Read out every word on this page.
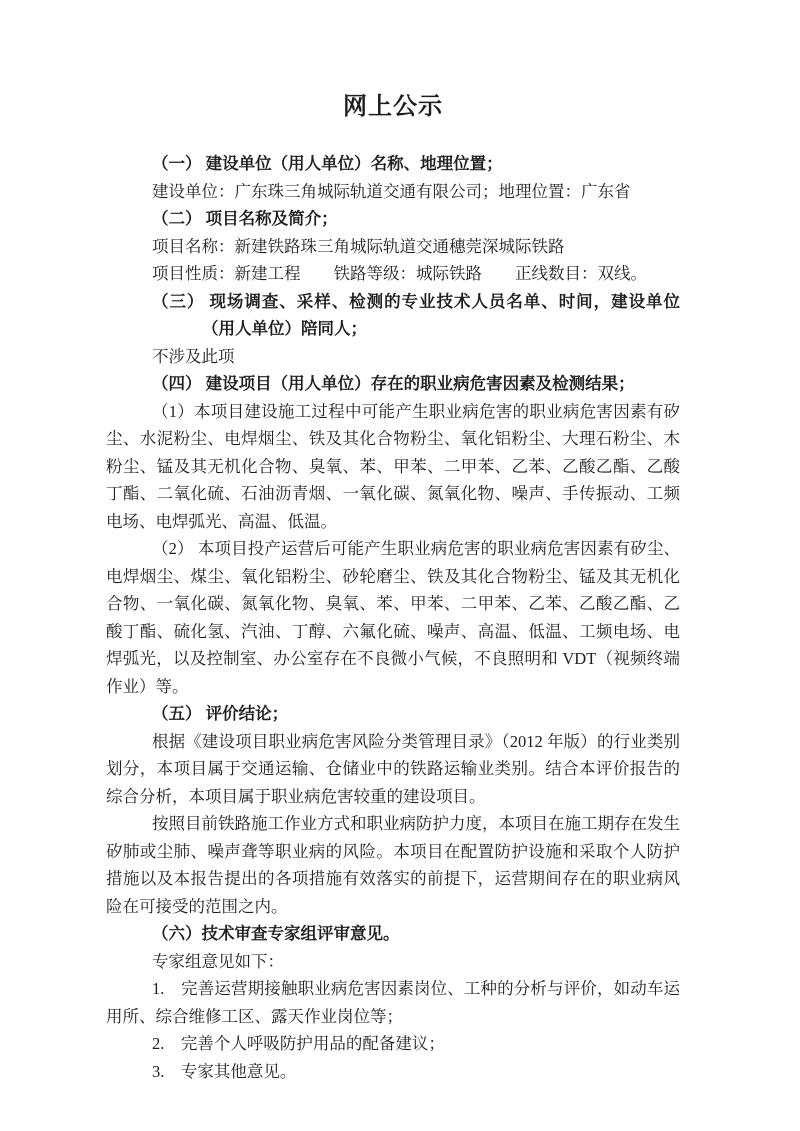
网上公示
（一） 建设单位（用人单位）名称、地理位置；
建设单位：广东珠三角城际轨道交通有限公司；地理位置：广东省
（二） 项目名称及简介；
项目名称：新建铁路珠三角城际轨道交通穗莞深城际铁路
项目性质：新建工程　　铁路等级：城际铁路　　正线数目：双线。
（三） 现场调查、采样、检测的专业技术人员名单、时间，建设单位（用人单位）陪同人；
不涉及此项
（四） 建设项目（用人单位）存在的职业病危害因素及检测结果；
（1）本项目建设施工过程中可能产生职业病危害的职业病危害因素有矽尘、水泥粉尘、电焊烟尘、铁及其化合物粉尘、氧化铝粉尘、大理石粉尘、木粉尘、锰及其无机化合物、臭氧、苯、甲苯、二甲苯、乙苯、乙酸乙酯、乙酸丁酯、二氧化硫、石油沥青烟、一氧化碳、氮氧化物、噪声、手传振动、工频电场、电焊弧光、高温、低温。
（2） 本项目投产运营后可能产生职业病危害的职业病危害因素有矽尘、电焊烟尘、煤尘、氧化铝粉尘、砂轮磨尘、铁及其化合物粉尘、锰及其无机化合物、一氧化碳、氮氧化物、臭氧、苯、甲苯、二甲苯、乙苯、乙酸乙酯、乙酸丁酯、硫化氢、汽油、丁醇、六氟化硫、噪声、高温、低温、工频电场、电焊弧光，以及控制室、办公室存在不良微小气候，不良照明和 VDT（视频终端作业）等。
（五） 评价结论；
根据《建设项目职业病危害风险分类管理目录》（2012 年版）的行业类别划分，本项目属于交通运输、仓储业中的铁路运输业类别。结合本评价报告的综合分析，本项目属于职业病危害较重的建设项目。
按照目前铁路施工作业方式和职业病防护力度，本项目在施工期存在发生矽肺或尘肺、噪声聋等职业病的风险。本项目在配置防护设施和采取个人防护措施以及本报告提出的各项措施有效落实的前提下，运营期间存在的职业病风险在可接受的范围之内。
（六）技术审查专家组评审意见。
专家组意见如下：
1.　完善运营期接触职业病危害因素岗位、工种的分析与评价，如动车运用所、综合维修工区、露天作业岗位等；
2.　完善个人呼吸防护用品的配备建议；
3.　专家其他意见。
